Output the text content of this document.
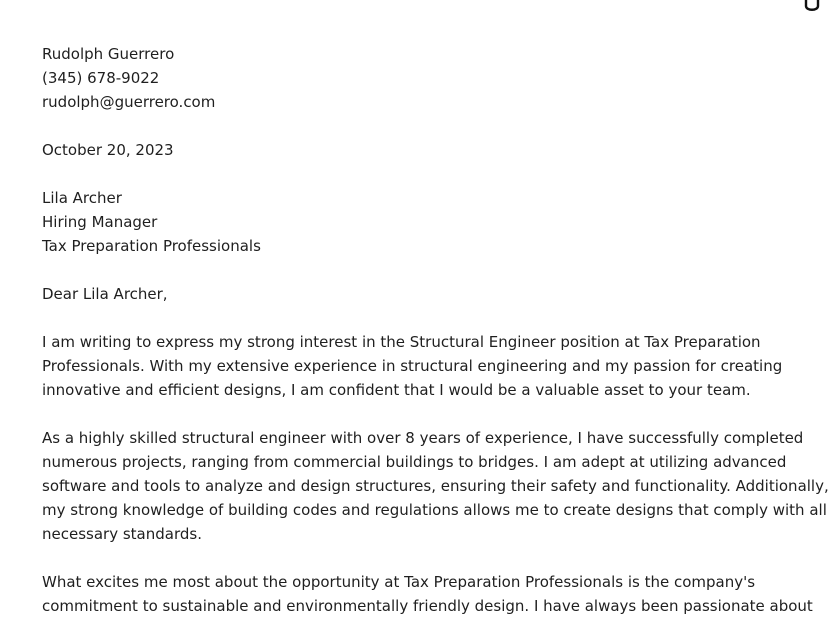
Rudolph Guerrero
(345) 678-9022
rudolph@guerrero.com
October 20, 2023
Lila Archer
Hiring Manager
Tax Preparation Professionals
Dear Lila Archer,
I am writing to express my strong interest in the Structural Engineer position at Tax Preparation
Professionals. With my extensive experience in structural engineering and my passion for creating
innovative and efficient designs, I am confident that I would be a valuable asset to your team.
As a highly skilled structural engineer with over 8 years of experience, I have successfully completed
numerous projects, ranging from commercial buildings to bridges. I am adept at utilizing advanced
software and tools to analyze and design structures, ensuring their safety and functionality. Additionally,
my strong knowledge of building codes and regulations allows me to create designs that comply with all
necessary standards.
What excites me most about the opportunity at Tax Preparation Professionals is the company's
commitment to sustainable and environmentally friendly design. I have always been passionate about
